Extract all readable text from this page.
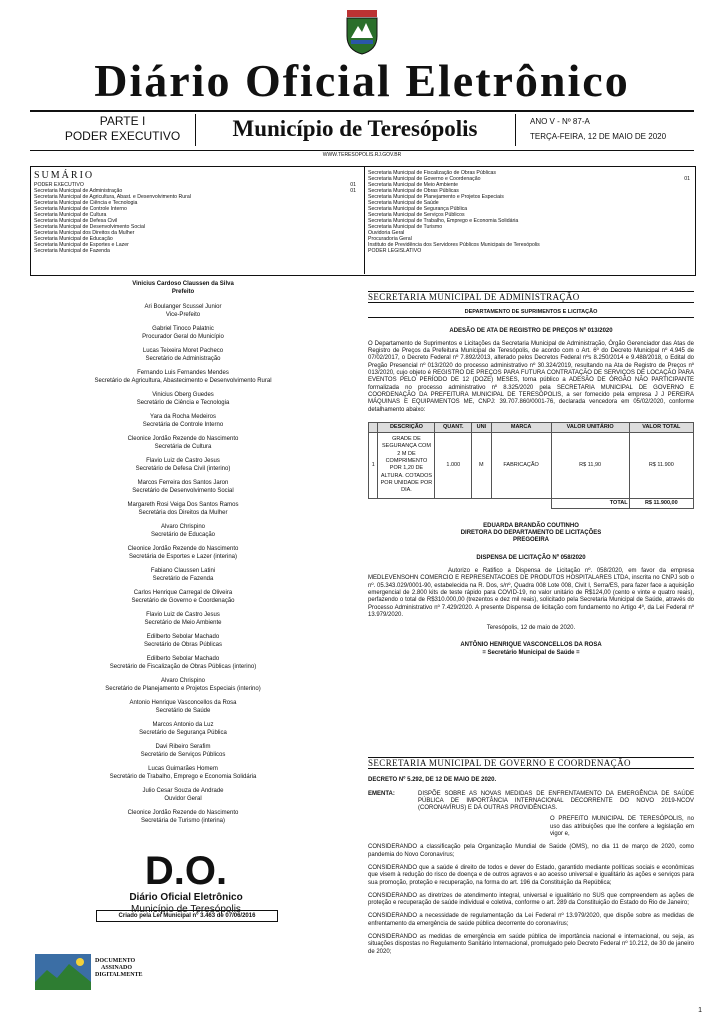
Diário Oficial Eletrônico
PARTE I
PODER EXECUTIVO	Município de Teresópolis	ANO V - Nº 87-A
TERÇA-FEIRA, 12 DE MAIO DE 2020
WWW.TERESOPOLIS.RJ.GOV.BR
SUMÁRIO
PODER EXECUTIVO	01
Secretaria Municipal de Administração	01
Secretaria Municipal de Agricultura, Abast. e Desenvolvimento Rural
Secretaria Municipal de Ciência e Tecnologia
Secretaria Municipal de Controle Interno
Secretaria Municipal de Cultura
Secretaria Municipal de Defesa Civil
Secretaria Municipal de Desenvolvimento Social
Secretaria Municipal dos Direitos da Mulher
Secretaria Municipal de Educação
Secretaria Municipal de Esportes e Lazer
Secretaria Municipal de Fazenda
Secretaria Municipal de Fiscalização de Obras Públicas
Secretaria Municipal de Governo e Coordenação	01
Secretaria Municipal de Meio Ambiente
Secretaria Municipal de Obras Públicas
Secretaria Municipal de Planejamento e Projetos Especiais
Secretaria Municipal de Saúde
Secretaria Municipal de Segurança Pública
Secretaria Municipal de Serviços Públicos
Secretaria Municipal de Trabalho, Emprego e Economia Solidária
Secretaria Municipal de Turismo
Ouvidoria Geral
Procuradoria Geral
Instituto de Previdência dos Servidores Públicos Municipais de Teresópolis
PODER LEGISLATIVO
Vinicius Cardoso Claussen da Silva
Prefeito
Ari Boulanger Scussel Junior
Vice-Prefeito
Gabriel Tinoco Palatnic
Procurador Geral do Município
Lucas Teixeira Moret Pacheco
Secretário de Administração
Fernando Luis Fernandes Mendes
Secretário de Agricultura, Abastecimento e Desenvolvimento Rural
Vinicius Oberg Guedes
Secretário de Ciência e Tecnologia
Yara da Rocha Medeiros
Secretária de Controle Interno
Cleonice Jordão Rezende do Nascimento
Secretária de Cultura
Flavio Luiz de Castro Jesus
Secretário de Defesa Civil (interino)
Marcos Ferreira dos Santos Jaron
Secretário de Desenvolvimento Social
Margareth Rosi Veiga Dos Santos Ramos
Secretária dos Direitos da Mulher
Alvaro Chrispino
Secretário de Educação
Cleonice Jordão Rezende do Nascimento
Secretária de Esportes e Lazer (interina)
Fabiano Claussen Latini
Secretário de Fazenda
Carlos Henrique Carregal de Oliveira
Secretário de Governo e Coordenação
Flavio Luiz de Castro Jesus
Secretário de Meio Ambiente
Edilberto Sebolar Machado
Secretário de Obras Públicas
Edilberto Sebolar Machado
Secretário de Fiscalização de Obras Públicas (interino)
Alvaro Chrispino
Secretário de Planejamento e Projetos Especiais (interino)
Antonio Henrique Vasconcellos da Rosa
Secretário de Saúde
Marcos Antonio da Luz
Secretário de Segurança Pública
Davi Ribeiro Serafim
Secretário de Serviços Públicos
Lucas Guimarães Homem
Secretário de Trabalho, Emprego e Economia Solidária
Julio Cesar Souza de Andrade
Ouvidor Geral
Cleonice Jordão Rezende do Nascimento
Secretária de Turismo (interina)
D.O.
Diário Oficial Eletrônico
Município de Teresópolis
Criado pela Lei Municipal nº 3.463 de 07/06/2016
DOCUMENTO
ASSINADO
DIGITALMENTE
SECRETARIA MUNICIPAL DE ADMINISTRAÇÃO
DEPARTAMENTO DE SUPRIMENTOS E LICITAÇÃO
ADESÃO DE ATA DE REGISTRO DE PREÇOS Nº 013/2020
O Departamento de Suprimentos e Licitações da Secretaria Municipal de Administração, Órgão Gerenciador das Atas de Registro de Preços da Prefeitura Municipal de Teresópolis, de acordo com o Art. 6º do Decreto Municipal nº 4.945 de 07/02/2017, o Decreto Federal nº 7.892/2013, alterado pelos Decretos Federal nºs 8.250/2014 e 9.488/2018, o Edital do Pregão Presencial nº 013/2020 do processo administrativo nº 30.324/2019, resultando na Ata de Registro de Preços nº 013/2020, cujo objeto é REGISTRO DE PREÇOS PARA FUTURA CONTRATAÇÃO DE SERVIÇOS DE LOCAÇÃO PARA EVENTOS PELO PERÍODO DE 12 (DOZE) MESES, torna público a ADESÃO DE ÓRGÃO NÃO PARTICIPANTE formalizada no processo administrativo nº 8.325/2020 pela SECRETARIA MUNICIPAL DE GOVERNO E COORDENAÇÃO DA PREFEITURA MUNICIPAL DE TERESÓPOLIS, a ser fornecido pela empresa J J PEREIRA MÁQUINAS E EQUIPAMENTOS ME, CNPJ: 39.707.860/0001-76, declarada vencedora em 05/02/2020, conforme detalhamento abaixo:
	DESCRIÇÃO	QUANT.	UNI	MARCA	VALOR UNITÁRIO	VALOR TOTAL
1	GRADE DE SEGURANÇA COM 2 M DE COMPRIMENTO POR 1,20 DE ALTURA. COTADOS POR UNIDADE POR DIA.	1.000	M	FABRICAÇÃO	R$ 11,90	R$ 11.900
					TOTAL	R$ 11.900,00
EDUARDA BRANDÃO COUTINHO
DIRETORA DO DEPARTAMENTO DE LICITAÇÕES
PREGOEIRA
DISPENSA DE LICITAÇÃO Nº 058/2020
Autorizo e Ratifico a Dispensa de Licitação nº. 058/2020, em favor da empresa MEDLEVENSOHN COMERCIO E REPRESENTACOES DE PRODUTOS HOSPITALARES LTDA, inscrita no CNPJ sob o nº. 05.343.029/0001-90, estabelecida na R. Dos, s/nº, Quadra 008 Lote 008, Civit I, Serra/ES, para fazer face a aquisição emergencial de 2.800 kits de teste rápido para COVID-19, no valor unitário de R$124,00 (cento e vinte e quatro reais), perfazendo o total de R$310.000,00 (trezentos e dez mil reais), solicitado pela Secretaria Municipal de Saúde, através do Processo Administrativo nº 7.429/2020. A presente Dispensa de licitação com fundamento no Artigo 4º, da Lei Federal nº 13.979/2020.
Teresópolis, 12 de maio de 2020.
ANTÔNIO HENRIQUE VASCONCELLOS DA ROSA
= Secretário Municipal de Saúde =
SECRETARIA MUNICIPAL DE GOVERNO E COORDENAÇÃO
DECRETO Nº 5.292, DE 12 DE MAIO DE 2020.
EMENTA:	DISPÕE SOBRE AS NOVAS MEDIDAS DE ENFRENTAMENTO DA EMERGÊNCIA DE SAÚDE PÚBLICA DE IMPORTÂNCIA INTERNACIONAL DECORRENTE DO NOVO 2019-NCOV (CORONAVÍRUS) E DÁ OUTRAS PROVIDÊNCIAS.
O PREFEITO MUNICIPAL DE TERESÓPOLIS, no uso das atribuições que lhe confere a legislação em vigor e,
CONSIDERANDO a classificação pela Organização Mundial de Saúde (OMS), no dia 11 de março de 2020, como pandemia do Novo Coronavírus;
CONSIDERANDO que a saúde é direito de todos e dever do Estado, garantido mediante políticas sociais e econômicas que visem à redução do risco de doença e de outros agravos e ao acesso universal e igualitário às ações e serviços para sua promoção, proteção e recuperação, na forma do art. 196 da Constituição da República;
CONSIDERANDO as diretrizes de atendimento integral, universal e igualitário no SUS que compreendem as ações de proteção e recuperação de saúde individual e coletiva, conforme o art. 289 da Constituição do Estado do Rio de Janeiro;
CONSIDERANDO a necessidade de regulamentação da Lei Federal nº 13.979/2020, que dispõe sobre as medidas de enfrentamento da emergência de saúde pública decorrente do coronavírus;
CONSIDERANDO as medidas de emergência em saúde pública de importância nacional e internacional, ou seja, as situações dispostas no Regulamento Sanitário Internacional, promulgado pelo Decreto Federal nº 10.212, de 30 de janeiro de 2020;
1
